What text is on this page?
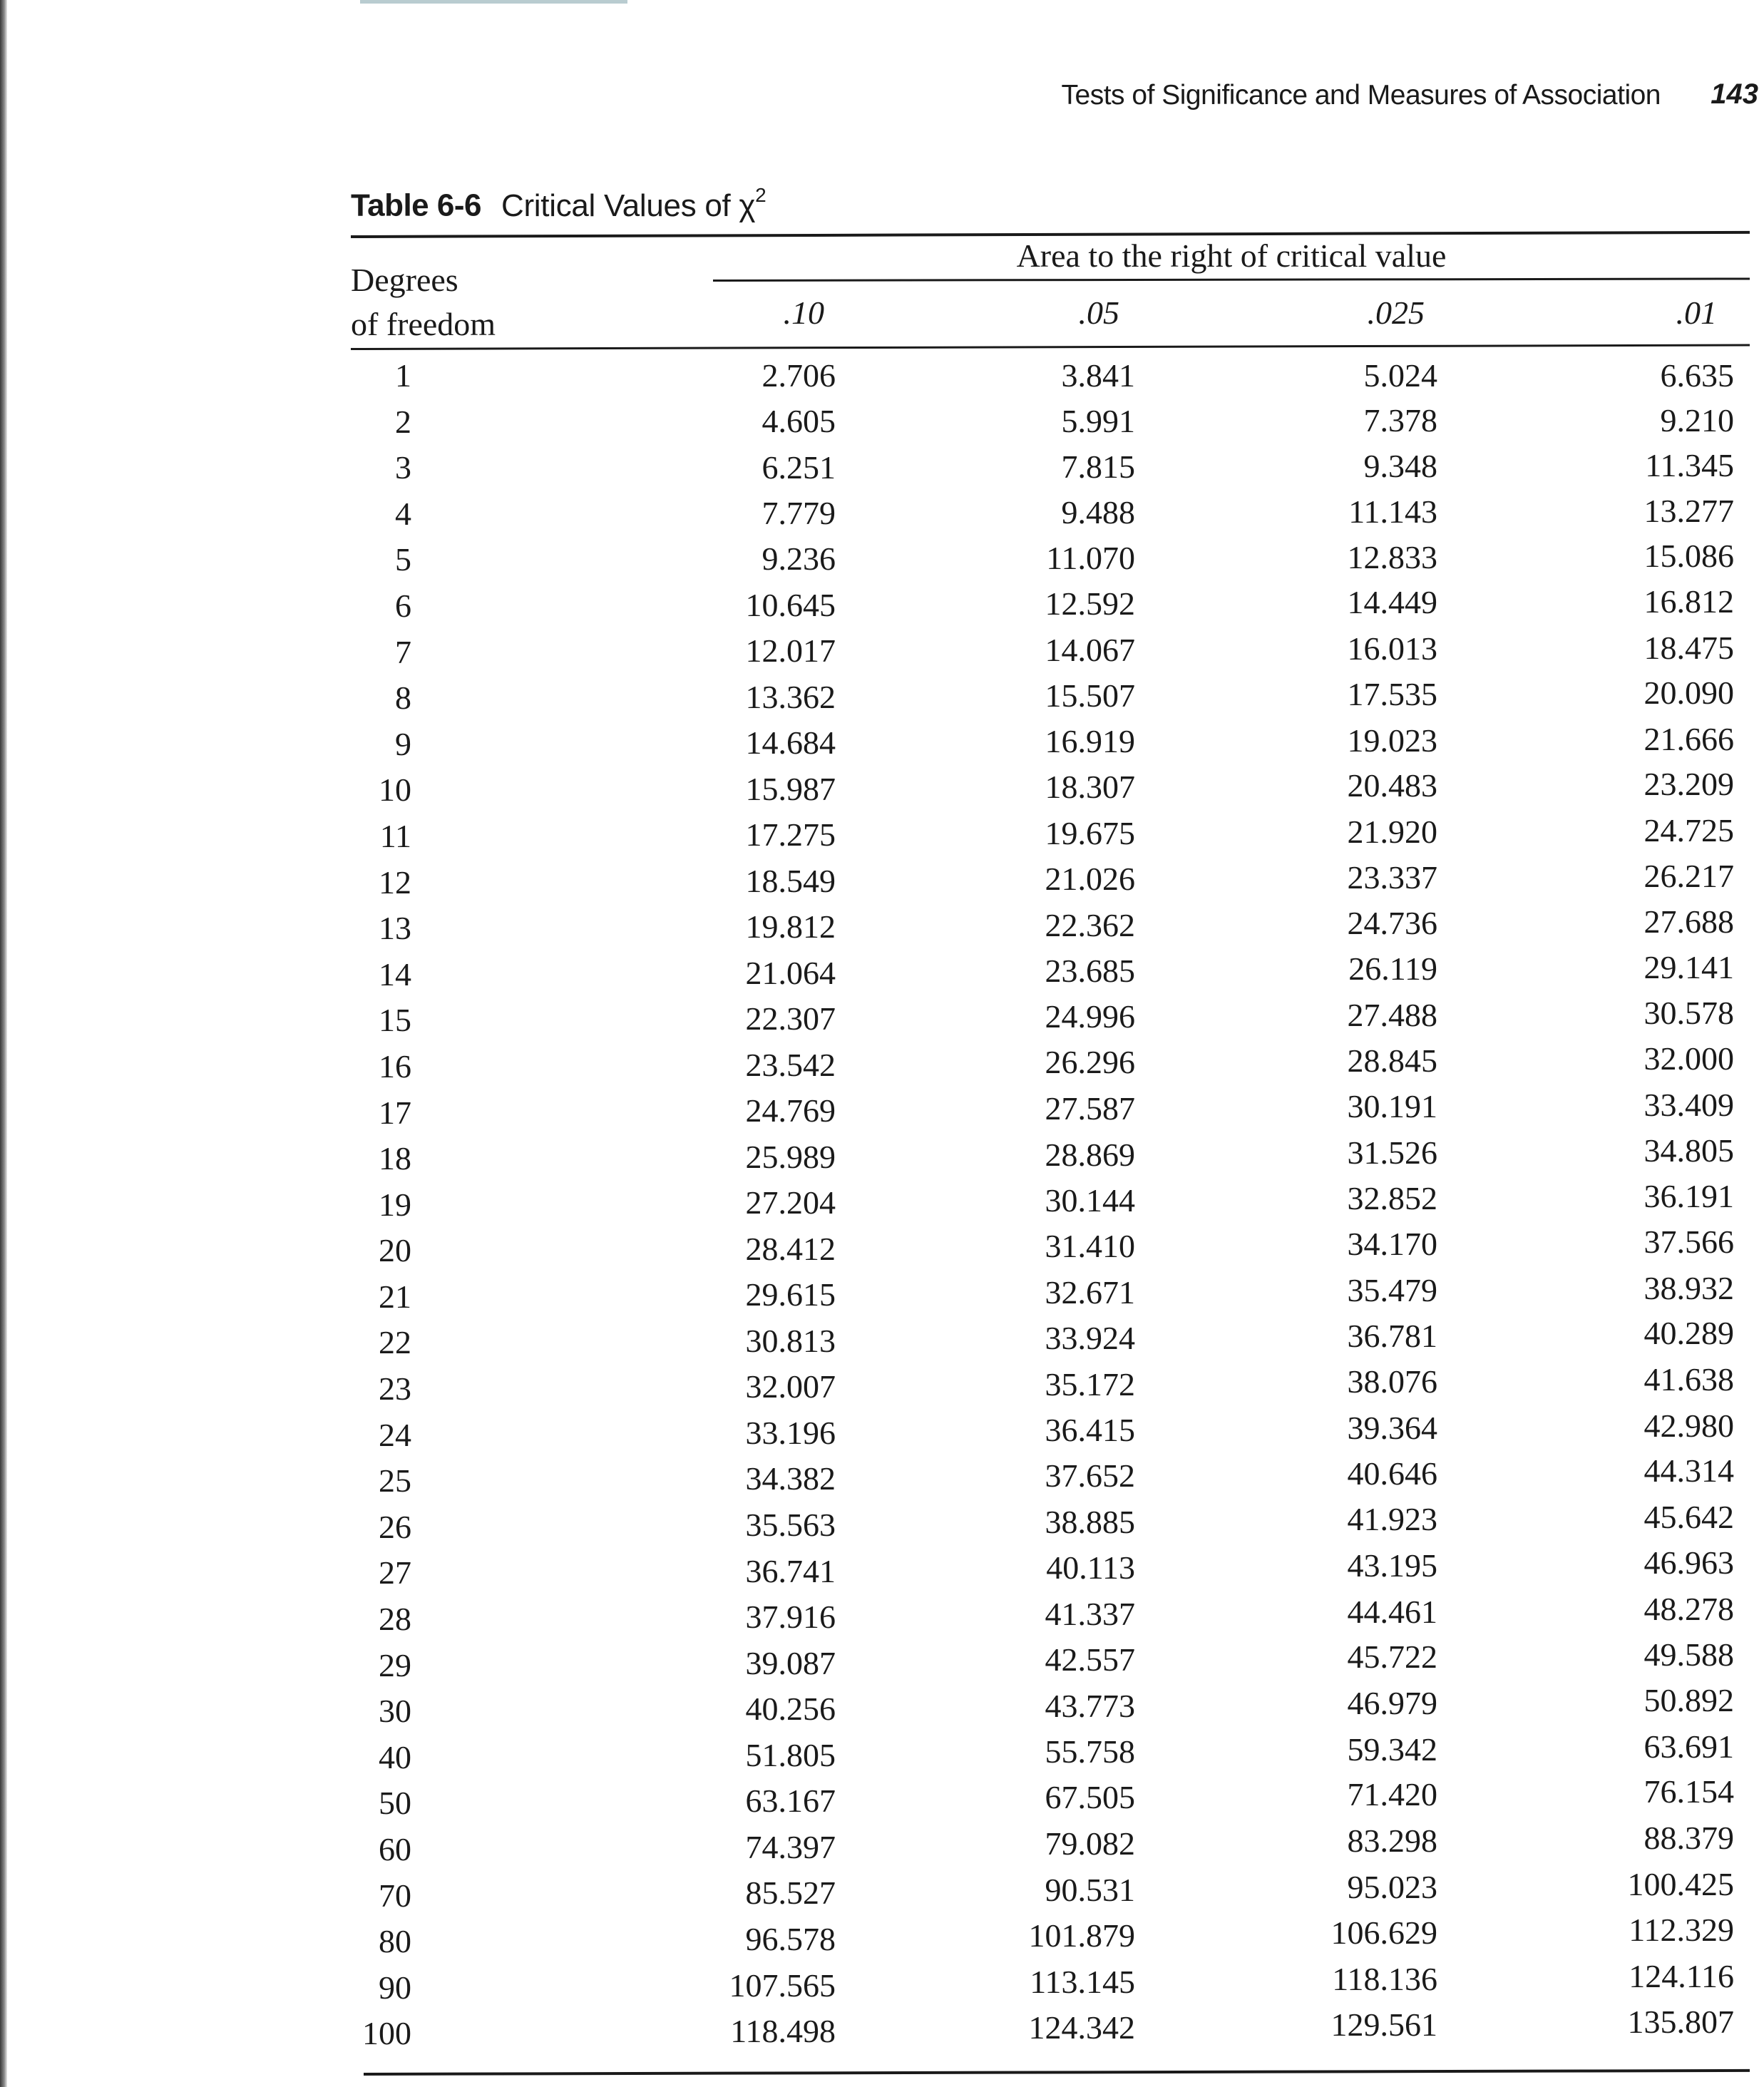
Tests of Significance and Measures of Association 143
Table 6-6 Critical Values of $\chi^2$
Area to the right of critical value
Degrees
of freedom	.10	.05	.025	.01
1	2.706	3.841	5.024	6.635
2	4.605	5.991	7.378	9.210
3	6.251	7.815	9.348	11.345
4	7.779	9.488	11.143	13.277
5	9.236	11.070	12.833	15.086
6	10.645	12.592	14.449	16.812
7	12.017	14.067	16.013	18.475
8	13.362	15.507	17.535	20.090
9	14.684	16.919	19.023	21.666
10	15.987	18.307	20.483	23.209
11	17.275	19.675	21.920	24.725
12	18.549	21.026	23.337	26.217
13	19.812	22.362	24.736	27.688
14	21.064	23.685	26.119	29.141
15	22.307	24.996	27.488	30.578
16	23.542	26.296	28.845	32.000
17	24.769	27.587	30.191	33.409
18	25.989	28.869	31.526	34.805
19	27.204	30.144	32.852	36.191
20	28.412	31.410	34.170	37.566
21	29.615	32.671	35.479	38.932
22	30.813	33.924	36.781	40.289
23	32.007	35.172	38.076	41.638
24	33.196	36.415	39.364	42.980
25	34.382	37.652	40.646	44.314
26	35.563	38.885	41.923	45.642
27	36.741	40.113	43.195	46.963
28	37.916	41.337	44.461	48.278
29	39.087	42.557	45.722	49.588
30	40.256	43.773	46.979	50.892
40	51.805	55.758	59.342	63.691
50	63.167	67.505	71.420	76.154
60	74.397	79.082	83.298	88.379
70	85.527	90.531	95.023	100.425
80	96.578	101.879	106.629	112.329
90	107.565	113.145	118.136	124.116
100	118.498	124.342	129.561	135.807
